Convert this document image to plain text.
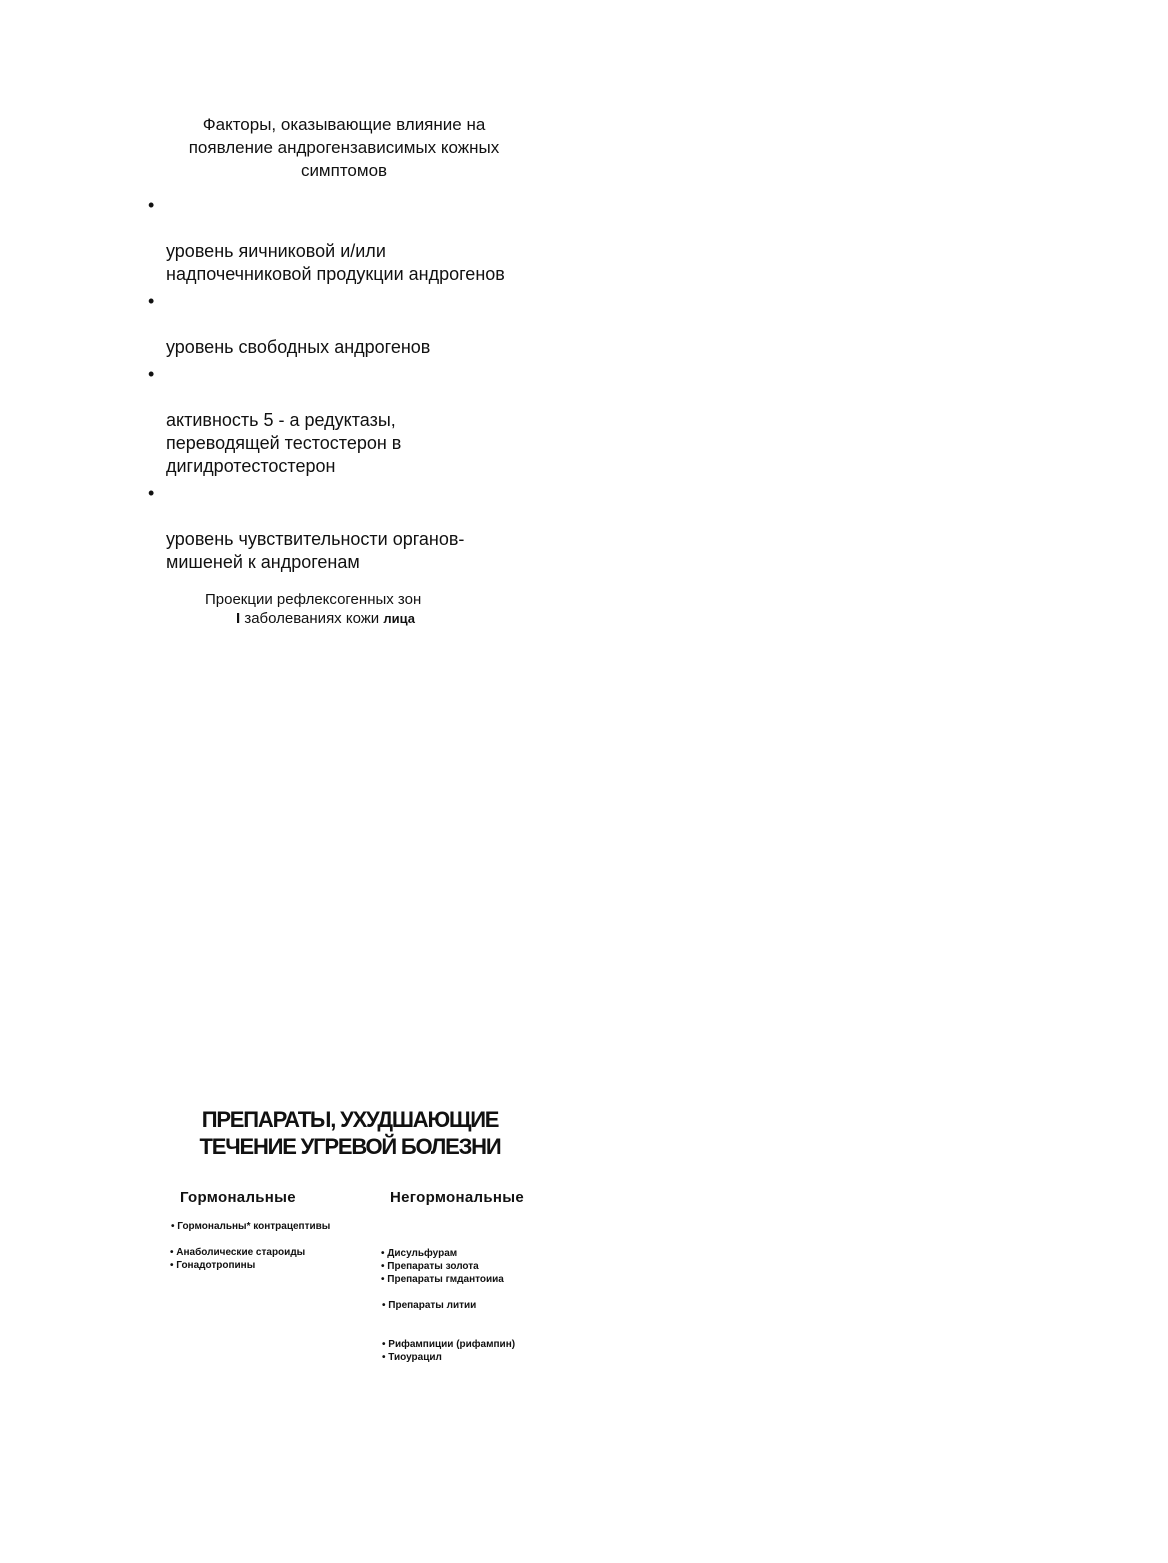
Факторы, оказывающие влияние на
появление андрогензависимых кожных
симптомов

•

уровень яичниковой и/или
надпочечниковой продукции андрогенов

•

уровень свободных андрогенов

•

активность 5 - а редуктазы,
переводящей тестостерон в
дигидротестостерон

•

уровень чувствительности органов-
мишеней к андрогенам

Проекции рефлексогенных зон
I заболеваниях кожи лица
ПРЕПАРАТЫ, УХУДШАЮЩИЕ
ТЕЧЕНИЕ УГРЕВОЙ БОЛЕЗНИ
Гормональные	Негормональные
• Гормональны* контрацептивы
• Анаболические староиды
• Гонадотропины
• Дисульфурам
• Препараты золота
• Препараты гмдантоииа
• Препараты литии
• Рифампиции (рифампин)
• Тиоурацил
